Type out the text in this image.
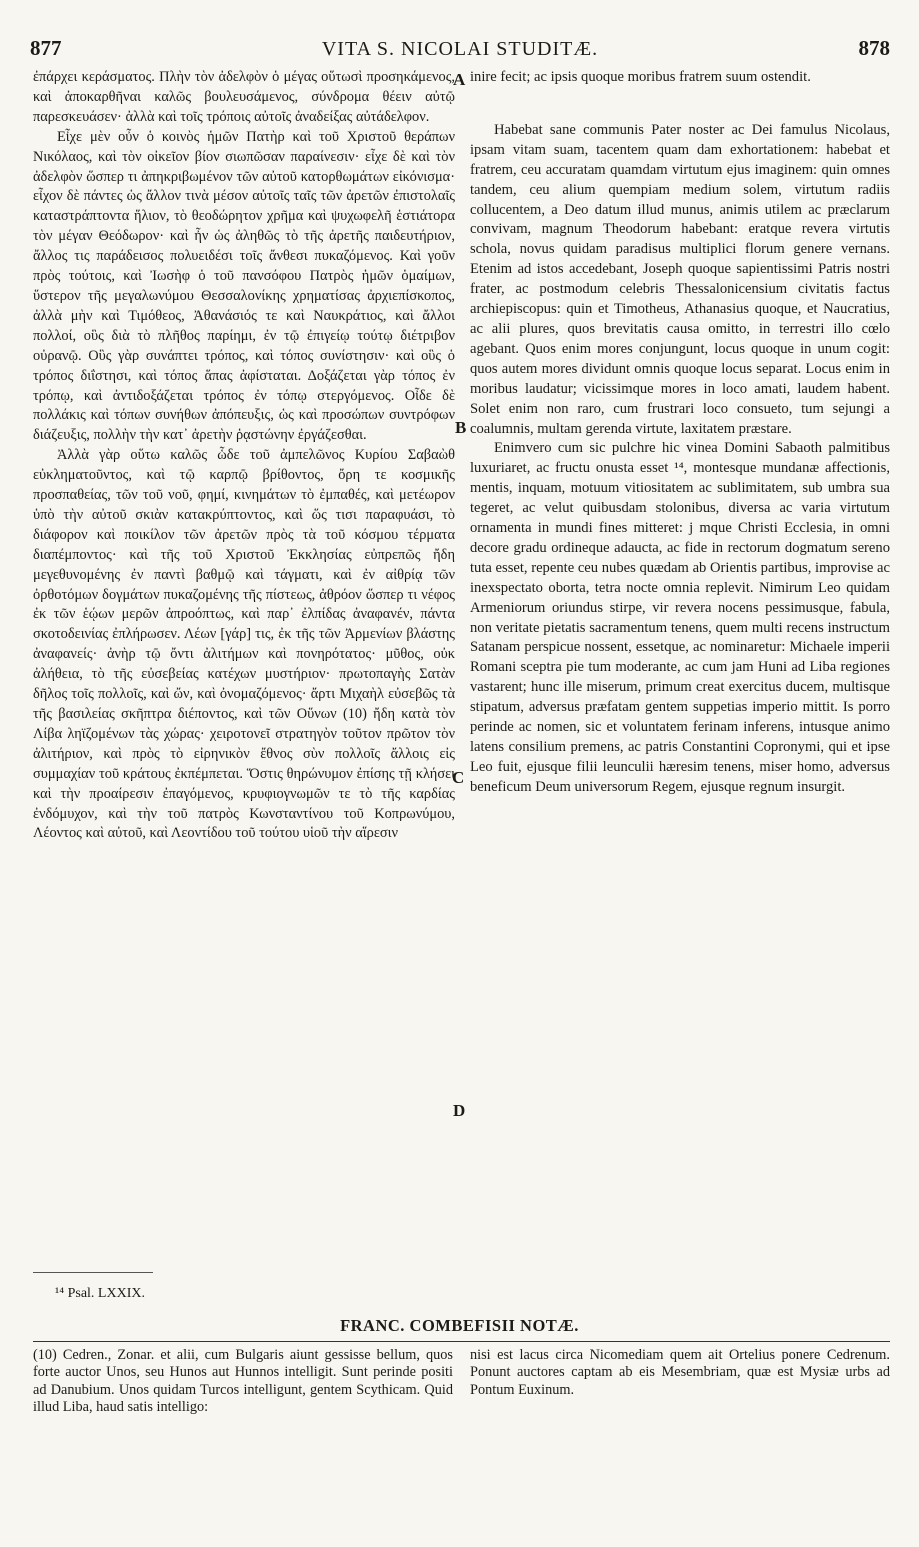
877	VITA S. NICOLAI STUDITÆ.	878

ἐπάρχει κεράσματος. Πλὴν τὸν ἀδελφὸν ὁ μέγας οὕτωσὶ προσηκάμενος, καὶ ἀποκαρθῆναι καλῶς βουλευσάμενος, σύνδρομα θέειν αὐτῷ παρεσκευάσεν· ἀλλὰ καὶ τοῖς τρόποις αὐτοῖς ἀναδείξας αὐτάδελφον.

Εἶχε μὲν οὖν ὁ κοινὸς ἡμῶν Πατὴρ καὶ τοῦ Χριστοῦ θεράπων Νικόλαος, καὶ τὸν οἰκεῖον βίον σιωπῶσαν παραίνεσιν· εἶχε δὲ καὶ τὸν ἀδελφὸν ὥσπερ τι ἀπηκριβωμένον τῶν αὐτοῦ κατορθωμάτων εἰκόνισμα· εἶχον δὲ πάντες ὡς ἄλλον τινὰ μέσον αὐτοῖς ταῖς τῶν ἀρετῶν ἐπιστολαῖς καταστράπτοντα ἥλιον, τὸ θεοδώρητον χρῆμα καὶ ψυχωφελῆ ἑστιάτορα τὸν μέγαν Θεόδωρον· καὶ ἦν ὡς ἀληθῶς τὸ τῆς ἀρετῆς παιδευτήριον, ἄλλος τις παράδεισος πολυειδέσι τοῖς ἄνθεσι πυκαζόμενος. Καὶ γοῦν πρὸς τούτοις, καὶ Ἰωσὴφ ὁ τοῦ πανσόφου Πατρὸς ἡμῶν ὁμαίμων, ὕστερον τῆς μεγαλωνύμου Θεσσαλονίκης χρηματίσας ἀρχιεπίσκοπος, ἀλλὰ μὴν καὶ Τιμόθεος, Ἀθανάσιός τε καὶ Ναυκράτιος, καὶ ἄλλοι πολλοί, οὓς διὰ τὸ πλῆθος παρίημι, ἐν τῷ ἐπιγείῳ τούτῳ διέτριβον οὐρανῷ. Οὓς γὰρ συνάπτει τρόπος, καὶ τόπος συνίστησιν· καὶ οὓς ὁ τρόπος διΐστησι, καὶ τόπος ἅπας ἀφίσταται. Δοξάζεται γὰρ τόπος ἐν τρόπῳ, καὶ ἀντιδοξάζεται τρόπος ἐν τόπῳ στεργόμενος. Οἶδε δὲ πολλάκις καὶ τόπων συνήθων ἀπόπευξις, ὡς καὶ προσώπων συντρόφων διάζευξις, πολλὴν τὴν κατ᾽ ἀρετὴν ῥᾳστώνην ἐργάζεσθαι.

Ἀλλὰ γὰρ οὕτω καλῶς ὧδε τοῦ ἀμπελῶνος Κυρίου Σαβαὼθ εὐκληματοῦντος, καὶ τῷ καρπῷ βρίθοντος, ὄρη τε κοσμικῆς προσπαθείας, τῶν τοῦ νοῦ, φημί, κινημάτων τὸ ἐμπαθές, καὶ μετέωρον ὑπὸ τὴν αὐτοῦ σκιὰν κατακρύπτοντος, καὶ ὥς τισι παραφυάσι, τὸ διάφορον καὶ ποικίλον τῶν ἀρετῶν πρὸς τὰ τοῦ κόσμου τέρματα διαπέμποντος· καὶ τῆς τοῦ Χριστοῦ Ἐκκλησίας εὐπρεπῶς ἤδη μεγεθυνομένης ἐν παντὶ βαθμῷ καὶ τάγματι, καὶ ἐν αἰθρίᾳ τῶν ὀρθοτόμων δογμάτων πυκαζομένης τῆς πίστεως, ἀθρόον ὥσπερ τι νέφος ἐκ τῶν ἑῴων μερῶν ἀπροόπτως, καὶ παρ᾽ ἐλπίδας ἀναφανέν, πάντα σκοτοδεινίας ἐπλήρωσεν. Λέων [γάρ] τις, ἐκ τῆς τῶν Ἀρμενίων βλάστης ἀναφανείς· ἀνὴρ τῷ ὄντι ἀλιτήμων καὶ πονηρότατος· μῦθος, οὐκ ἀλήθεια, τὸ τῆς εὐσεβείας κατέχων μυστήριον· πρωτοπαγὴς Σατὰν δῆλος τοῖς πολλοῖς, καὶ ὤν, καὶ ὀνομαζόμενος· ἄρτι Μιχαὴλ εὐσεβῶς τὰ τῆς βασιλείας σκῆπτρα διέποντος, καὶ τῶν Οὕνων (10) ἤδη κατὰ τὸν Λίβα ληϊζομένων τὰς χώρας· χειροτονεῖ στρατηγὸν τοῦτον πρῶτον τὸν ἀλιτήριον, καὶ πρὸς τὸ εἰρηνικὸν ἔθνος σὺν πολλοῖς ἄλλοις εἰς συμμαχίαν τοῦ κράτους ἐκπέμπεται. Ὅστις θηρώνυμον ἐπίσης τῇ κλήσει καὶ τὴν προαίρεσιν ἐπαγόμενος, κρυφιογνωμῶν τε τὸ τῆς καρδίας ἐνδόμυχον, καὶ τὴν τοῦ πατρὸς Κωνσταντίνου τοῦ Κοπρωνύμου, Λέοντος καὶ αὐτοῦ, καὶ Λεοντίδου τοῦ τούτου υἱοῦ τὴν αἵρεσιν

A
B
C
D

inire fecit; ac ipsis quoque moribus fratrem suum ostendit.

Habebat sane communis Pater noster ac Dei famulus Nicolaus, ipsam vitam suam, tacentem quam dam exhortationem: habebat et fratrem, ceu accuratam quamdam virtutum ejus imaginem: quin omnes tandem, ceu alium quempiam medium solem, virtutum radiis collucentem, a Deo datum illud munus, animis utilem ac præclarum convivam, magnum Theodorum habebant: eratque revera virtutis schola, novus quidam paradisus multiplici florum genere vernans. Etenim ad istos accedebant, Joseph quoque sapientissimi Patris nostri frater, ac postmodum celebris Thessalonicensium civitatis factus archiepiscopus: quin et Timotheus, Athanasius quoque, et Naucratius, ac alii plures, quos brevitatis causa omitto, in terrestri illo cœlo agebant. Quos enim mores conjungunt, locus quoque in unum cogit: quos autem mores dividunt omnis quoque locus separat. Locus enim in moribus laudatur; vicissimque mores in loco amati, laudem habent. Solet enim non raro, cum frustrari loco consueto, tum sejungi a coalumnis, multam gerenda virtute, laxitatem præstare.

Enimvero cum sic pulchre hic vinea Domini Sabaoth palmitibus luxuriaret, ac fructu onusta esset ¹⁴, montesque mundanæ affectionis, mentis, inquam, motuum vitiositatem ac sublimitatem, sub umbra sua tegeret, ac velut quibusdam stolonibus, diversa ac varia virtutum ornamenta in mundi fines mitteret: j mque Christi Ecclesia, in omni decore gradu ordineque adaucta, ac fide in rectorum dogmatum sereno tuta esset, repente ceu nubes quædam ab Orientis partibus, improvise ac inexspectato oborta, tetra nocte omnia replevit. Nimirum Leo quidam Armeniorum oriundus stirpe, vir revera nocens pessimusque, fabula, non veritate pietatis sacramentum tenens, quem multi recens instructum Satanam perspicue nossent, essetque, ac nominaretur: Michaele imperii Romani sceptra pie tum moderante, ac cum jam Huni ad Liba regiones vastarent; hunc ille miserum, primum creat exercitus ducem, multisque stipatum, adversus præfatam gentem suppetias imperio mittit. Is porro perinde ac nomen, sic et voluntatem ferinam inferens, intusque animo latens consilium premens, ac patris Constantini Copronymi, qui et ipse Leo fuit, ejusque filii leunculii hæresim tenens, miser homo, adversus beneficum Deum universorum Regem, ejusque regnum insurgit.

¹⁴ Psal. LXXIX.
FRANC. COMBEFISII NOTÆ.

(10) Cedren., Zonar. et alii, cum Bulgaris aiunt gessisse bellum, quos forte auctor Unos, seu Hunos aut Hunnos intelligit. Sunt perinde positi ad Danubium. Unos quidam Turcos intelligunt, gentem Scythicam. Quid illud Liba, haud satis intelligo:

nisi est lacus circa Nicomediam quem ait Ortelius ponere Cedrenum. Ponunt auctores captam ab eis Mesembriam, quæ est Mysiæ urbs ad Pontum Euxinum.
